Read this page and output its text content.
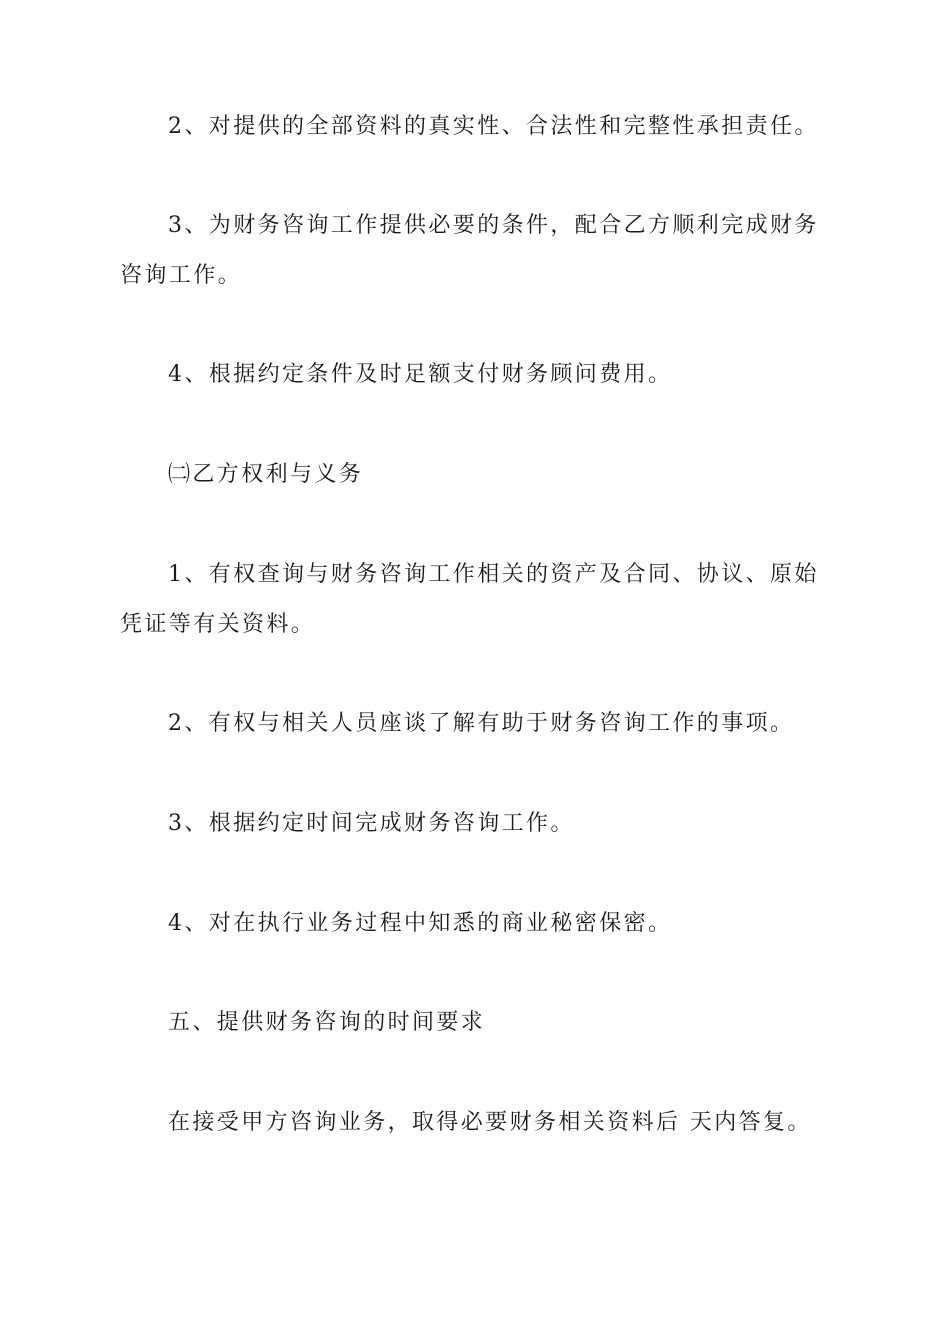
2、对提供的全部资料的真实性、合法性和完整性承担责任。

3、为财务咨询工作提供必要的条件，配合乙方顺利完成财务咨询工作。

4、根据约定条件及时足额支付财务顾问费用。

㈡乙方权利与义务

1、有权查询与财务咨询工作相关的资产及合同、协议、原始凭证等有关资料。

2、有权与相关人员座谈了解有助于财务咨询工作的事项。

3、根据约定时间完成财务咨询工作。

4、对在执行业务过程中知悉的商业秘密保密。

五、提供财务咨询的时间要求

在接受甲方咨询业务，取得必要财务相关资料后 天内答复。
